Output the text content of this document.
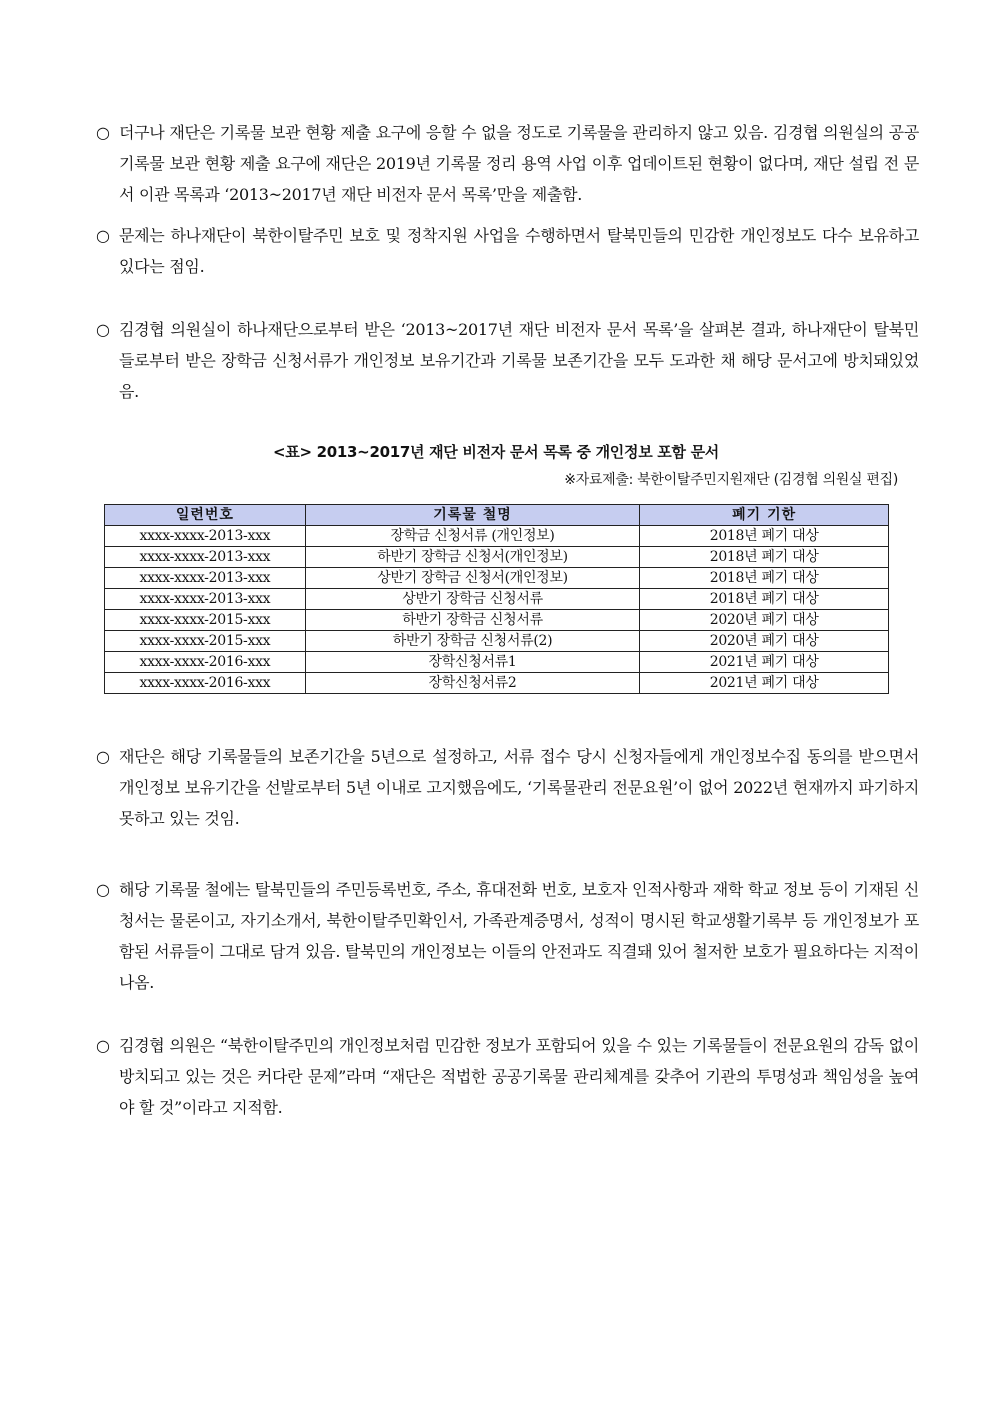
○ 더구나 재단은 기록물 보관 현황 제출 요구에 응할 수 없을 정도로 기록물을 관리하지 않고 있음. 김경협 의원실의 공공기록물 보관 현황 제출 요구에 재단은 2019년 기록물 정리 용역 사업 이후 업데이트된 현황이 없다며, 재단 설립 전 문서 이관 목록과 ‘2013~2017년 재단 비전자 문서 목록’만을 제출함.
○ 문제는 하나재단이 북한이탈주민 보호 및 정착지원 사업을 수행하면서 탈북민들의 민감한 개인정보도 다수 보유하고 있다는 점임.
○ 김경협 의원실이 하나재단으로부터 받은 ‘2013~2017년 재단 비전자 문서 목록’을 살펴본 결과, 하나재단이 탈북민들로부터 받은 장학금 신청서류가 개인정보 보유기간과 기록물 보존기간을 모두 도과한 채 해당 문서고에 방치돼있었음.
<표> 2013~2017년 재단 비전자 문서 목록 중 개인정보 포함 문서
※자료제출: 북한이탈주민지원재단 (김경협 의원실 편집)
일련번호	기록물 철명	폐기 기한
xxxx-xxxx-2013-xxx	장학금 신청서류 (개인정보)	2018년 폐기 대상
xxxx-xxxx-2013-xxx	하반기 장학금 신청서(개인정보)	2018년 폐기 대상
xxxx-xxxx-2013-xxx	상반기 장학금 신청서(개인정보)	2018년 폐기 대상
xxxx-xxxx-2013-xxx	상반기 장학금 신청서류	2018년 폐기 대상
xxxx-xxxx-2015-xxx	하반기 장학금 신청서류	2020년 폐기 대상
xxxx-xxxx-2015-xxx	하반기 장학금 신청서류(2)	2020년 폐기 대상
xxxx-xxxx-2016-xxx	장학신청서류1	2021년 폐기 대상
xxxx-xxxx-2016-xxx	장학신청서류2	2021년 폐기 대상
○ 재단은 해당 기록물들의 보존기간을 5년으로 설정하고, 서류 접수 당시 신청자들에게 개인정보수집 동의를 받으면서 개인정보 보유기간을 선발로부터 5년 이내로 고지했음에도, ‘기록물관리 전문요원’이 없어 2022년 현재까지 파기하지 못하고 있는 것임.
○ 해당 기록물 철에는 탈북민들의 주민등록번호, 주소, 휴대전화 번호, 보호자 인적사항과 재학 학교 정보 등이 기재된 신청서는 물론이고, 자기소개서, 북한이탈주민확인서, 가족관계증명서, 성적이 명시된 학교생활기록부 등 개인정보가 포함된 서류들이 그대로 담겨 있음. 탈북민의 개인정보는 이들의 안전과도 직결돼 있어 철저한 보호가 필요하다는 지적이 나옴.
○ 김경협 의원은 “북한이탈주민의 개인정보처럼 민감한 정보가 포함되어 있을 수 있는 기록물들이 전문요원의 감독 없이 방치되고 있는 것은 커다란 문제”라며 “재단은 적법한 공공기록물 관리체계를 갖추어 기관의 투명성과 책임성을 높여야 할 것”이라고 지적함.
